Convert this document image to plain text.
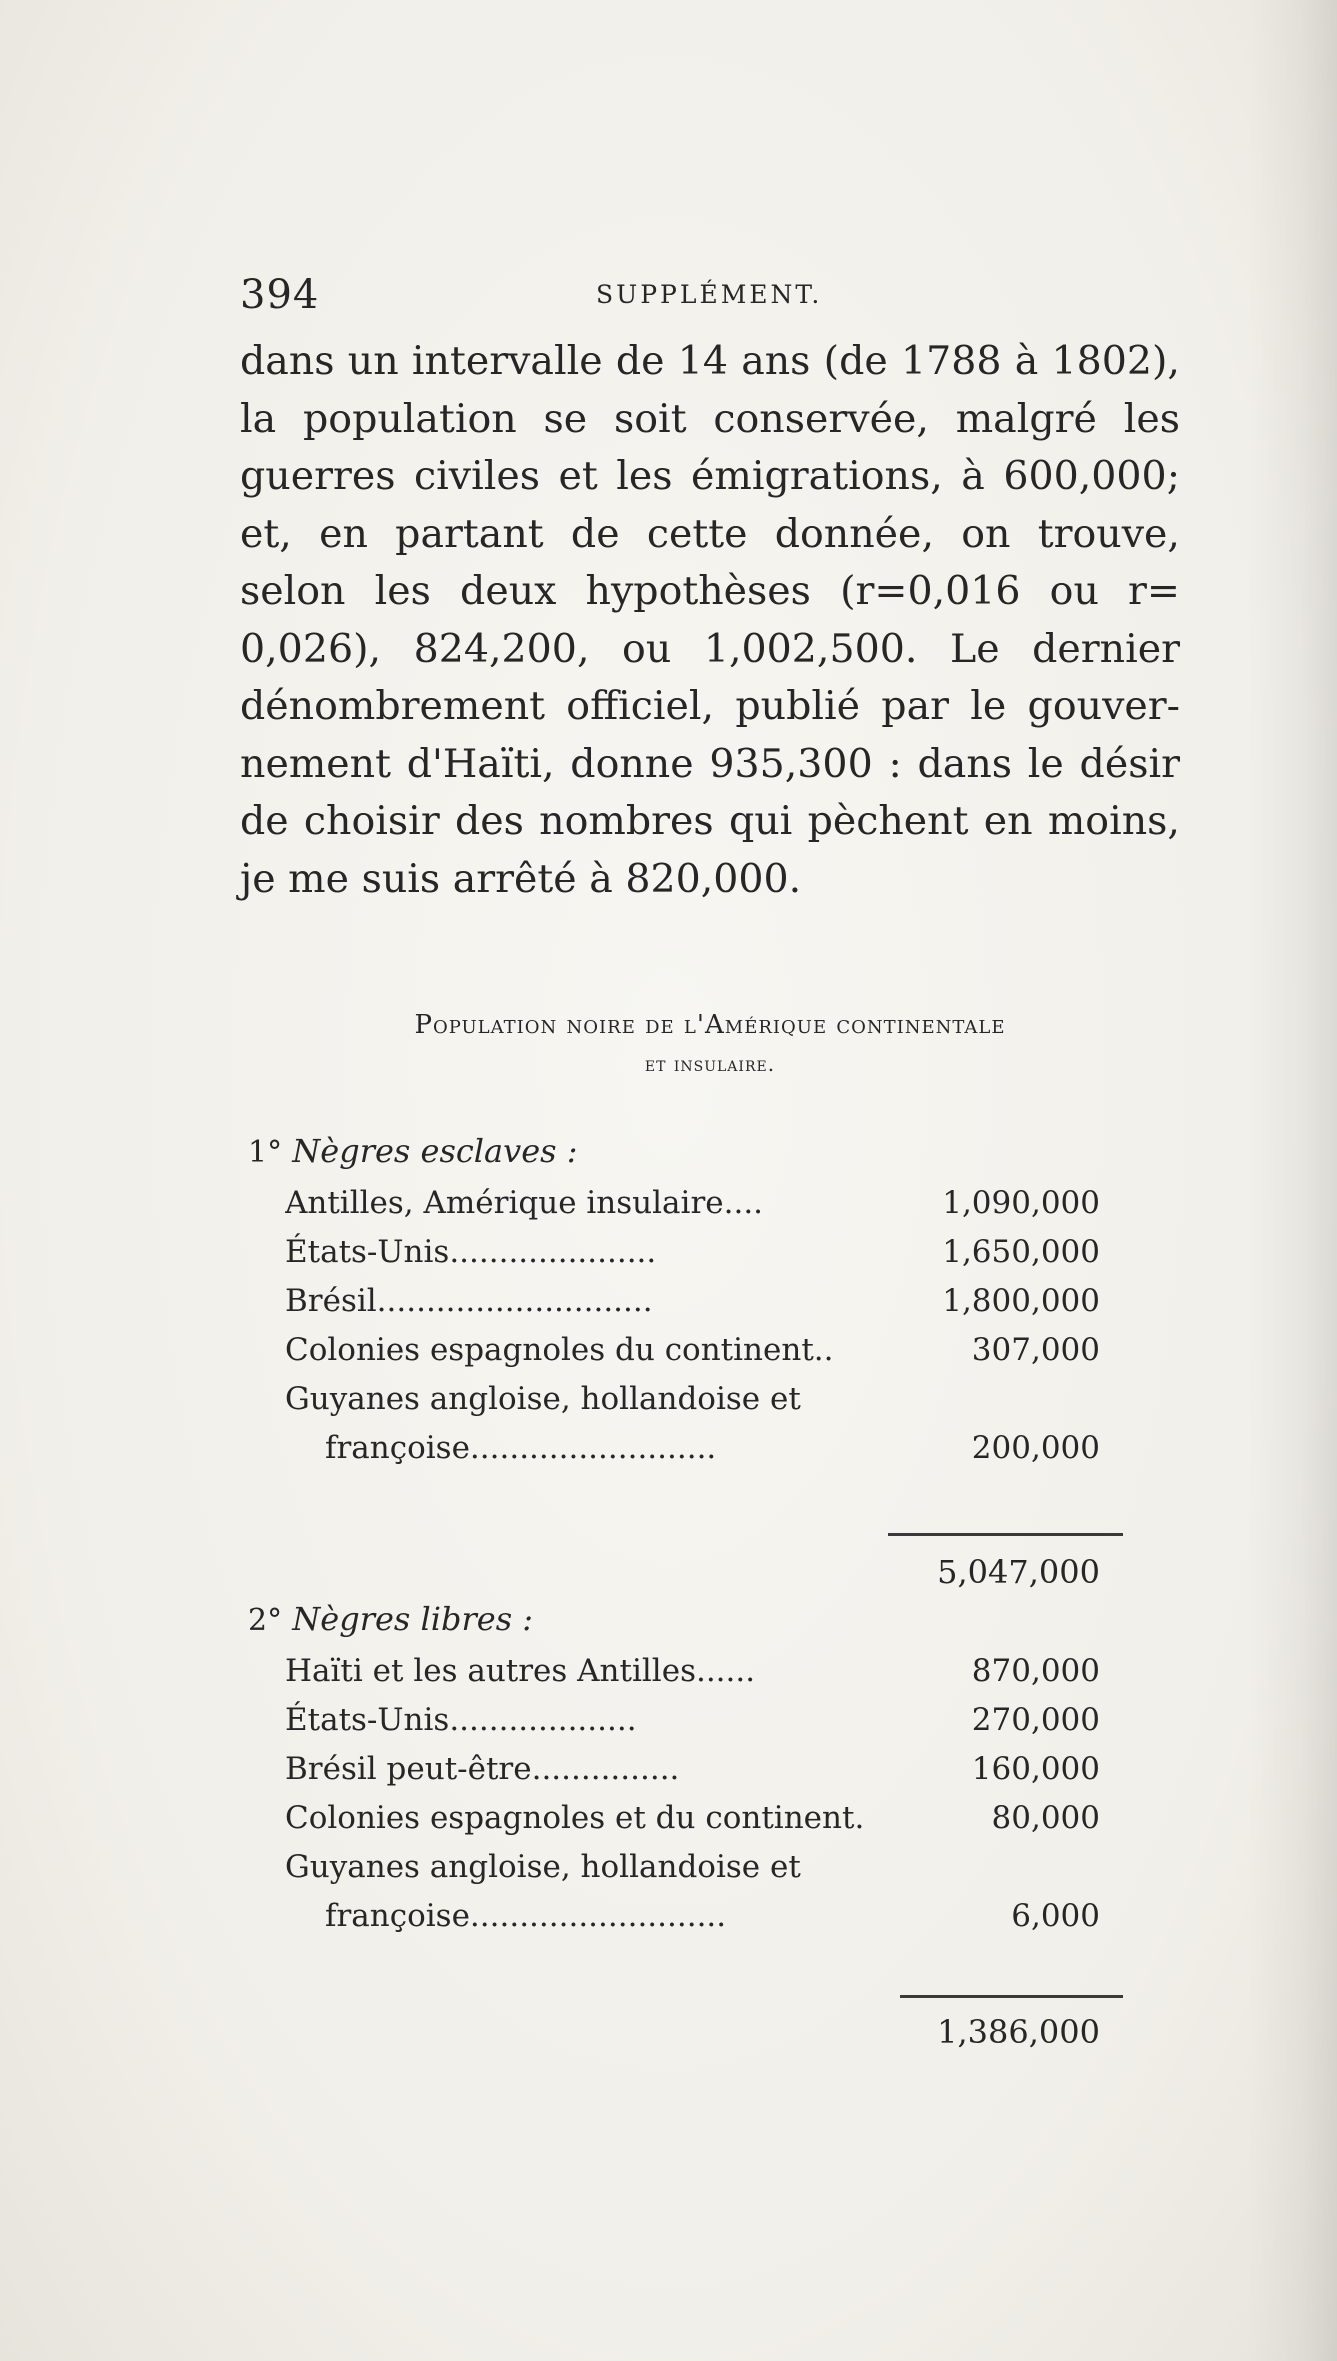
394	SUPPLÉMENT.
dans un intervalle de 14 ans (de 1788 à 1802),
la population se soit conservée, malgré les
guerres civiles et les émigrations, à 600,000;
et, en partant de cette donnée, on trouve,
selon les deux hypothèses (r=0,016 ou r=
0,026), 824,200, ou 1,002,500. Le dernier
dénombrement officiel, publié par le gouver-
nement d'Haïti, donne 935,300 : dans le désir
de choisir des nombres qui pèchent en moins,
je me suis arrêté à 820,000.
Population noire de l'Amérique continentale
et insulaire.
1° Nègres esclaves :
Antilles, Amérique insulaire....	1,090,000
États-Unis.....................	1,650,000
Brésil............................	1,800,000
Colonies espagnoles du continent..	307,000
Guyanes angloise, hollandoise et
françoise.........................	200,000
5,047,000
2° Nègres libres :
Haïti et les autres Antilles......	870,000
États-Unis...................	270,000
Brésil peut-être...............	160,000
Colonies espagnoles et du continent.	80,000
Guyanes angloise, hollandoise et
françoise..........................	6,000
1,386,000
